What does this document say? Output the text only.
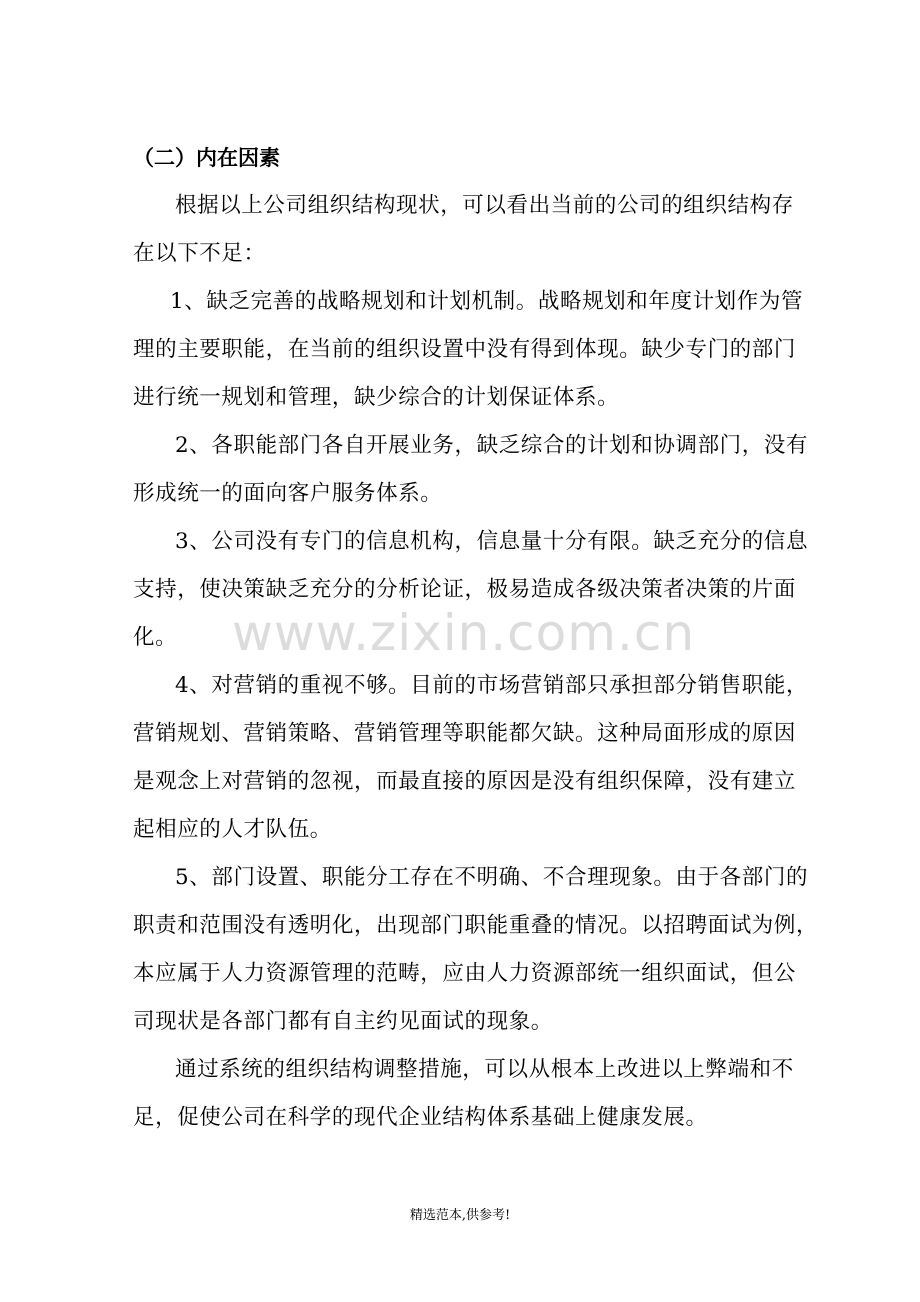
（二）内在因素
根据以上公司组织结构现状，可以看出当前的公司的组织结构存
在以下不足：
1、缺乏完善的战略规划和计划机制。战略规划和年度计划作为管
理的主要职能，在当前的组织设置中没有得到体现。缺少专门的部门
进行统一规划和管理，缺少综合的计划保证体系。
2、各职能部门各自开展业务，缺乏综合的计划和协调部门，没有
形成统一的面向客户服务体系。
3、公司没有专门的信息机构，信息量十分有限。缺乏充分的信息
支持，使决策缺乏充分的分析论证，极易造成各级决策者决策的片面
化。
4、对营销的重视不够。目前的市场营销部只承担部分销售职能，
营销规划、营销策略、营销管理等职能都欠缺。这种局面形成的原因
是观念上对营销的忽视，而最直接的原因是没有组织保障，没有建立
起相应的人才队伍。
5、部门设置、职能分工存在不明确、不合理现象。由于各部门的
职责和范围没有透明化，出现部门职能重叠的情况。以招聘面试为例，
本应属于人力资源管理的范畴，应由人力资源部统一组织面试，但公
司现状是各部门都有自主约见面试的现象。
通过系统的组织结构调整措施，可以从根本上改进以上弊端和不
足，促使公司在科学的现代企业结构体系基础上健康发展。
www.zixin.com.cn
精选范本,供参考!
